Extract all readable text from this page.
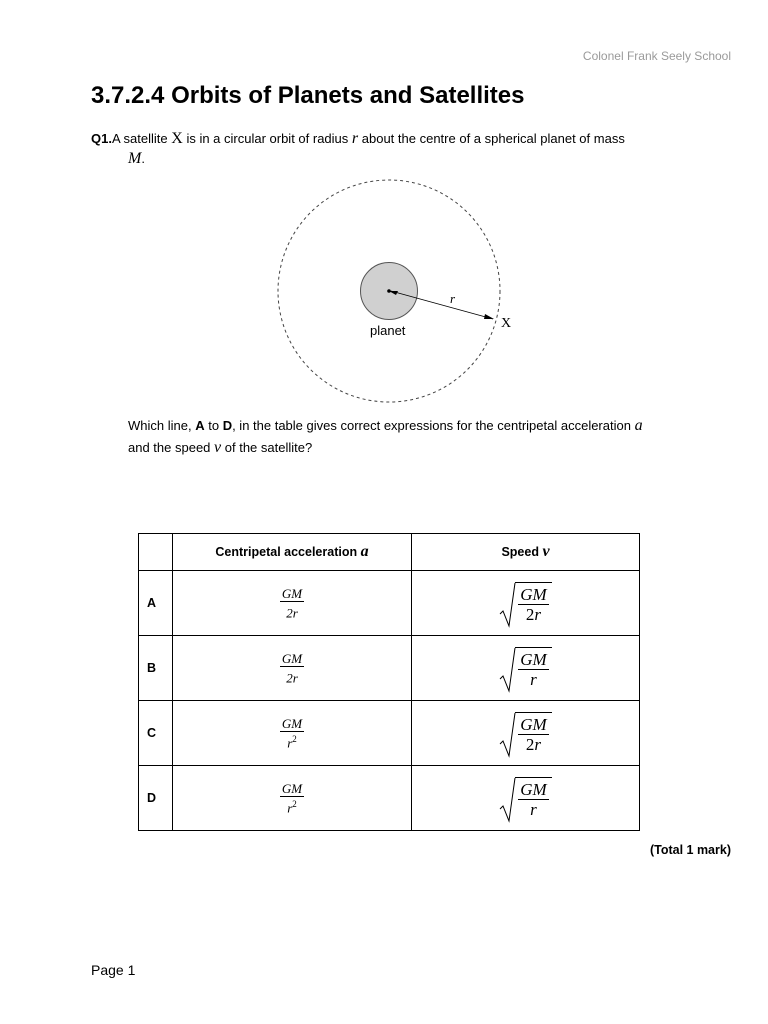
Colonel Frank Seely School
3.7.2.4 Orbits of Planets and Satellites
Q1.A satellite X is in a circular orbit of radius r about the centre of a spherical planet of mass
M.
r
X
planet
Which line, A to D, in the table gives correct expressions for the centripetal acceleration a
and the speed v of the satellite?
	Centripetal acceleration a	Speed v
A	$\frac{GM}{2r}$	$\frac{GM}{2r}$

B	$\frac{GM}{2r}$	$\frac{GM}{r}$

C	$\frac{GM}{r^2}$	$\frac{GM}{2r}$

D	$\frac{GM}{r^2}$	$\frac{GM}{r}$
(Total 1 mark)
Page 1
